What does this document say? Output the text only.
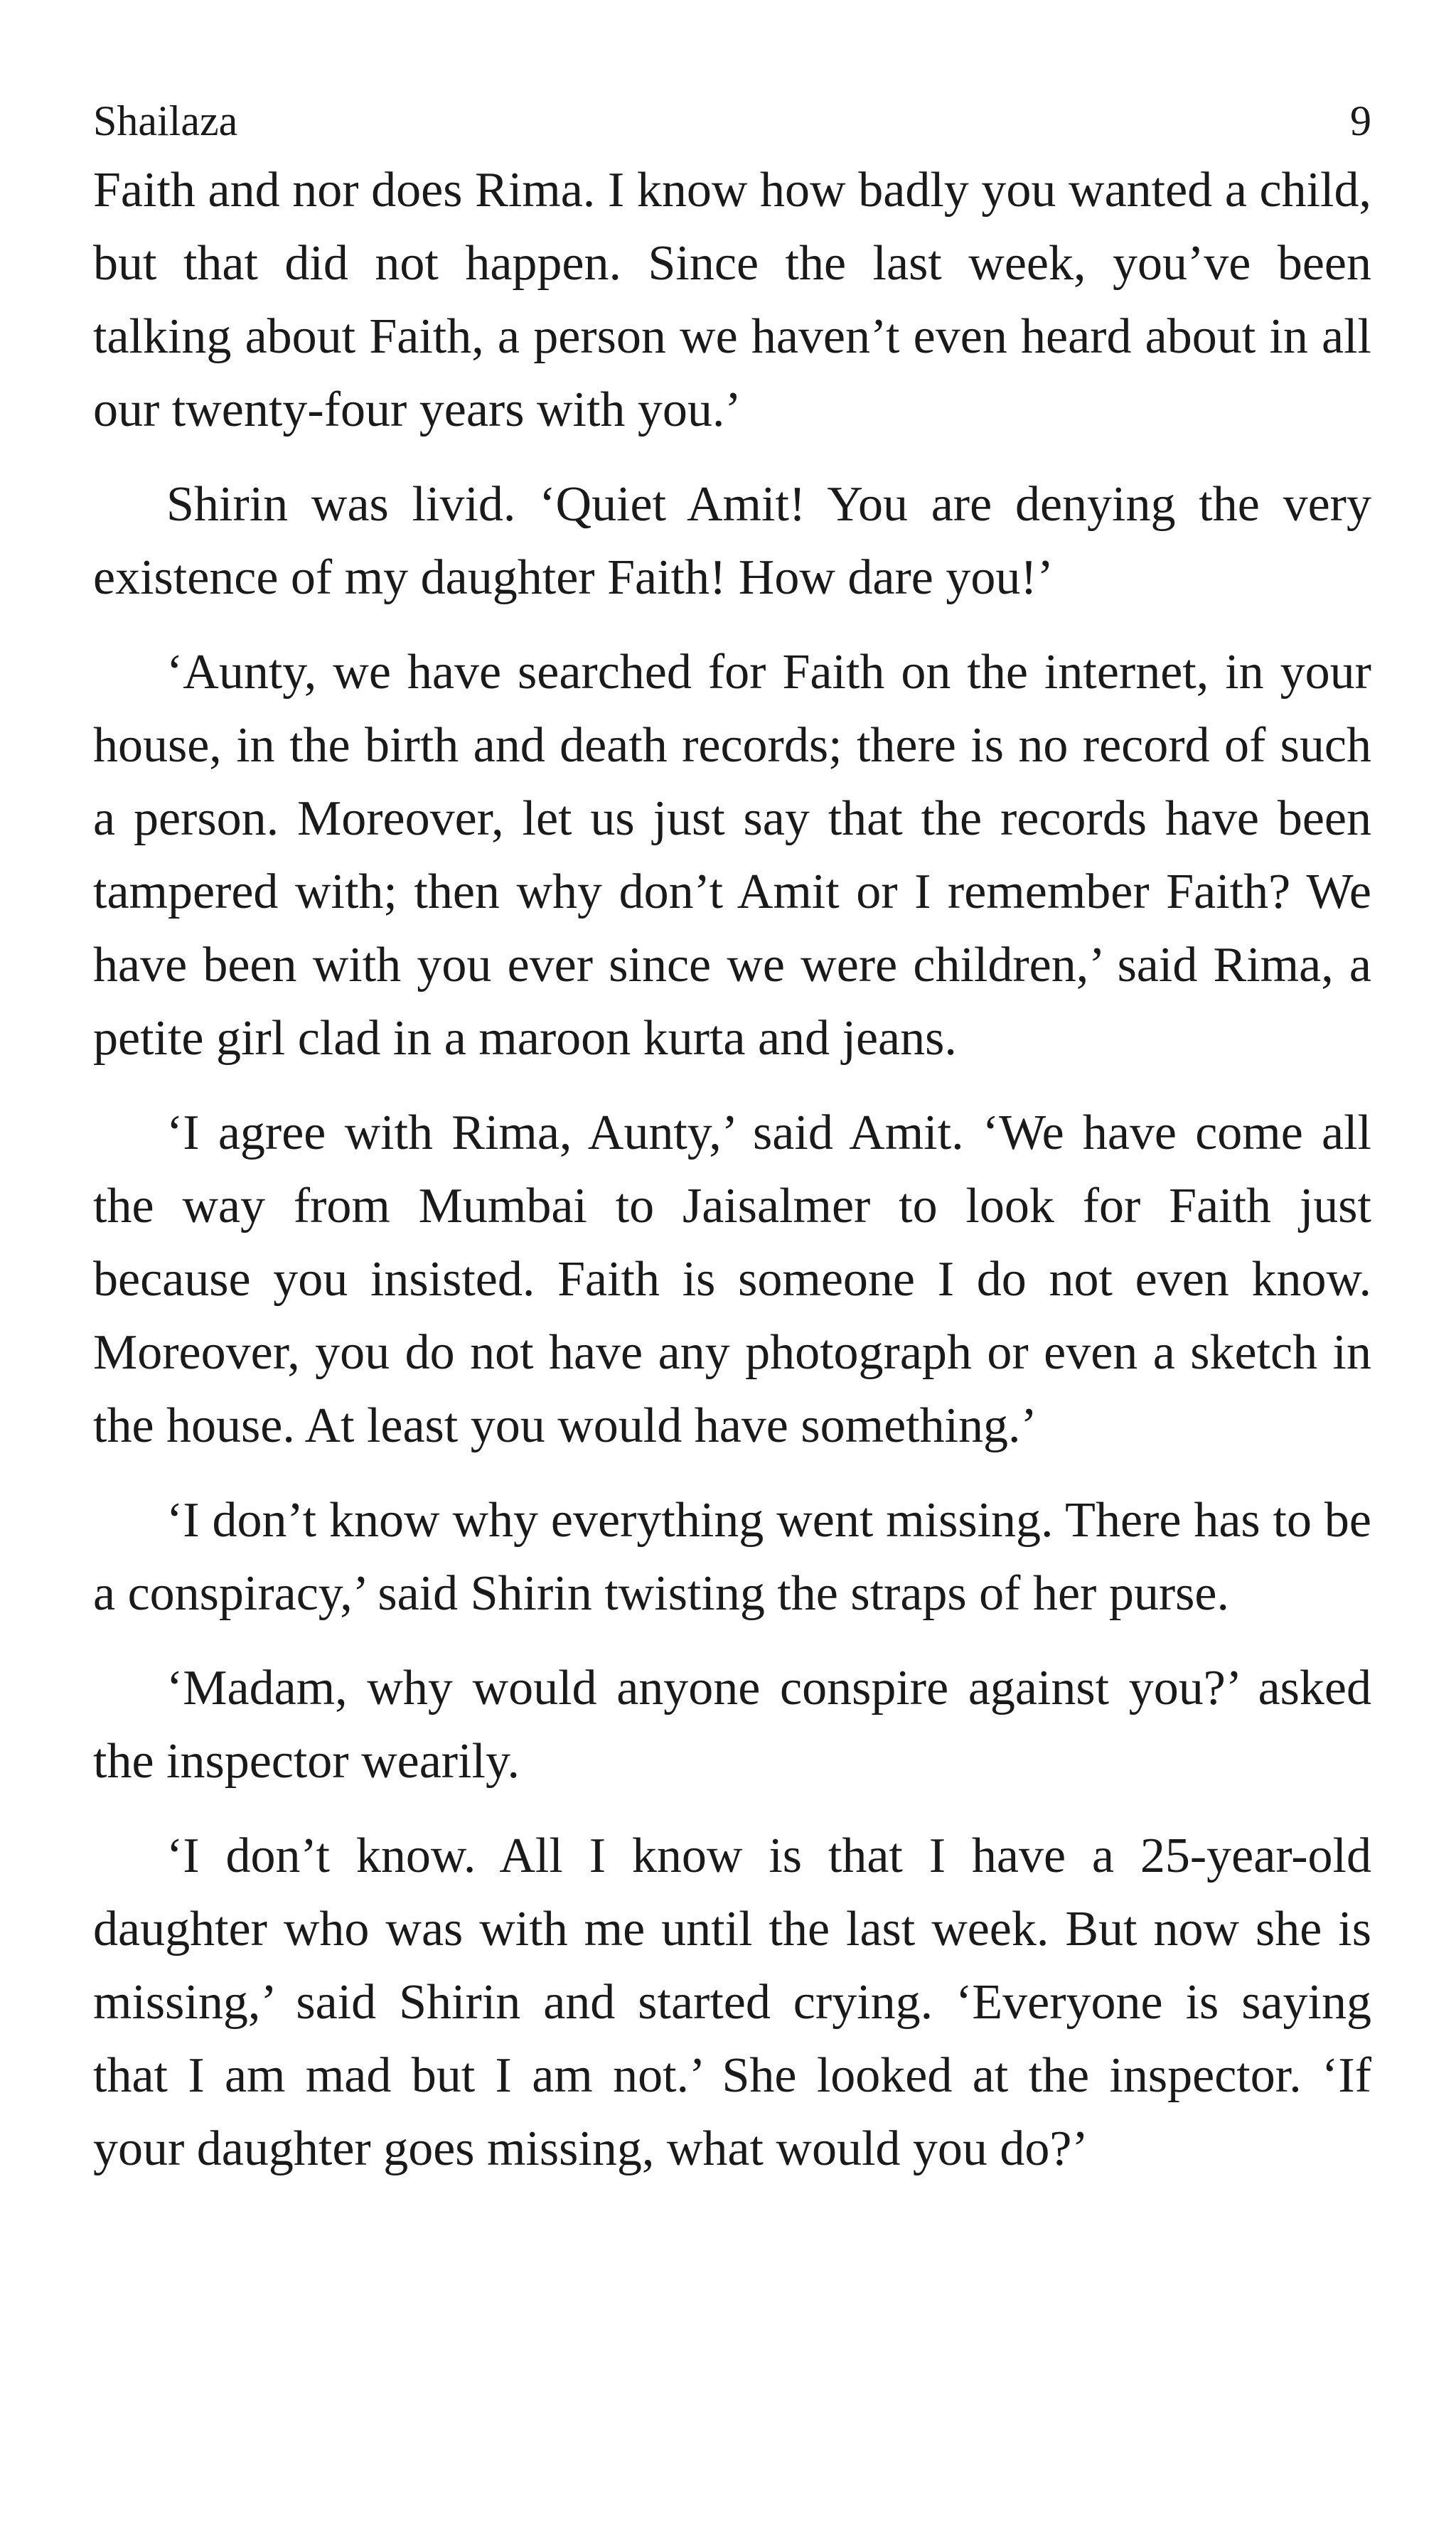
Shailaza	9

Faith and nor does Rima. I know how badly you wanted a child, but that did not happen. Since the last week, you’ve been talking about Faith, a person we haven’t even heard about in all our twenty-four years with you.’

Shirin was livid. ‘Quiet Amit! You are denying the very existence of my daughter Faith! How dare you!’

‘Aunty, we have searched for Faith on the internet, in your house, in the birth and death records; there is no record of such a person. Moreover, let us just say that the records have been tampered with; then why don’t Amit or I remember Faith? We have been with you ever since we were children,’ said Rima, a petite girl clad in a maroon kurta and jeans.

‘I agree with Rima, Aunty,’ said Amit. ‘We have come all the way from Mumbai to Jaisalmer to look for Faith just because you insisted. Faith is someone I do not even know. Moreover, you do not have any photograph or even a sketch in the house. At least you would have something.’

‘I don’t know why everything went missing. There has to be a conspiracy,’ said Shirin twisting the straps of her purse.

‘Madam, why would anyone conspire against you?’ asked the inspector wearily.

‘I don’t know. All I know is that I have a 25-year-old daughter who was with me until the last week. But now she is missing,’ said Shirin and started crying. ‘Everyone is saying that I am mad but I am not.’ She looked at the inspector. ‘If your daughter goes missing, what would you do?’
